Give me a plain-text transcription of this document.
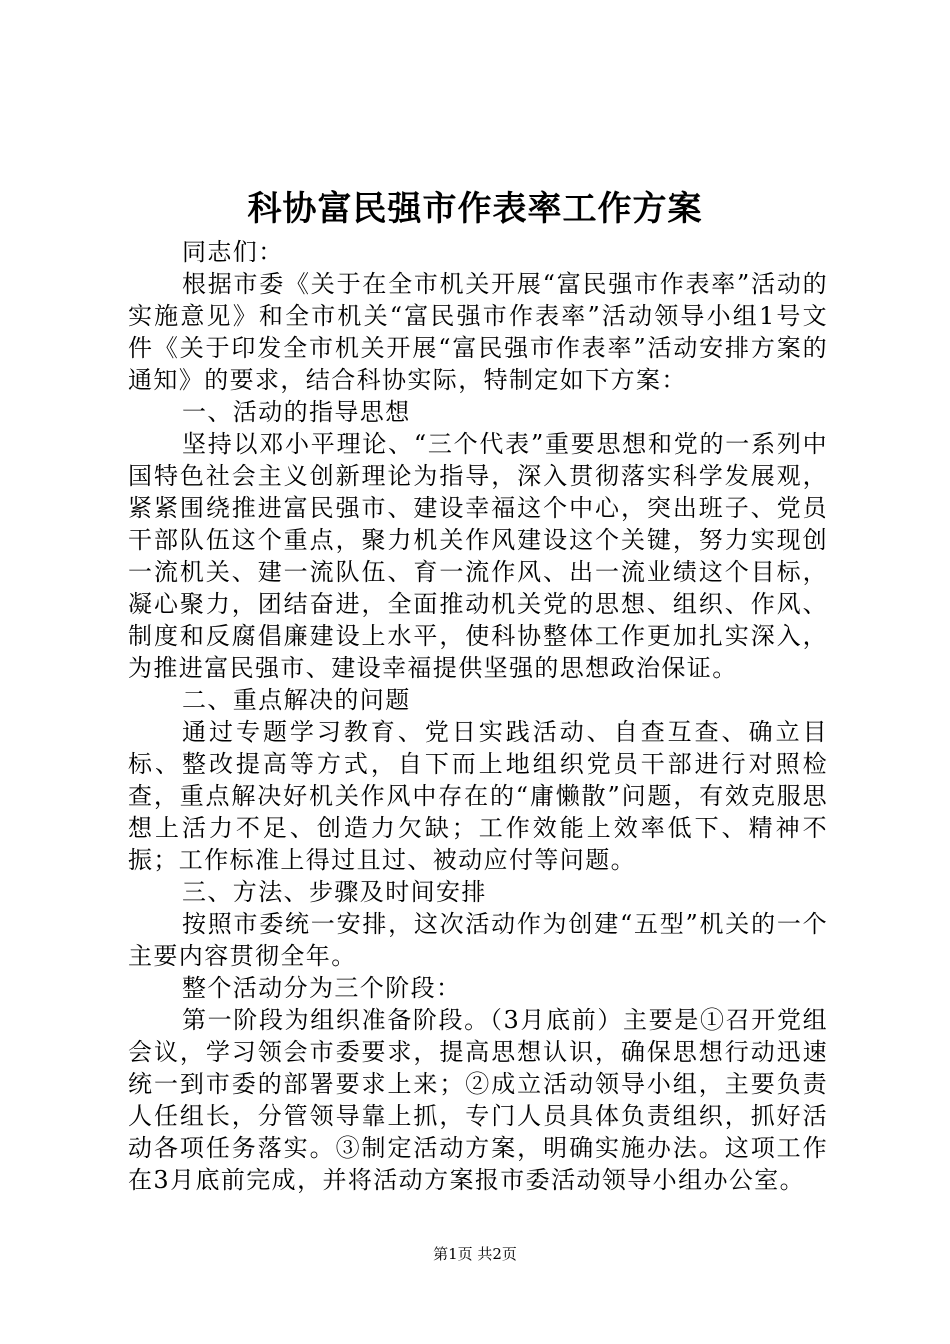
科协富民强市作表率工作方案

同志们：

根据市委《关于在全市机关开展“富民强市作表率”活动的实施意见》和全市机关“富民强市作表率”活动领导小组1号文件《关于印发全市机关开展“富民强市作表率”活动安排方案的通知》的要求，结合科协实际，特制定如下方案：

一、活动的指导思想

坚持以邓小平理论、“三个代表”重要思想和党的一系列中国特色社会主义创新理论为指导，深入贯彻落实科学发展观，紧紧围绕推进富民强市、建设幸福这个中心，突出班子、党员干部队伍这个重点，聚力机关作风建设这个关键，努力实现创一流机关、建一流队伍、育一流作风、出一流业绩这个目标，凝心聚力，团结奋进，全面推动机关党的思想、组织、作风、制度和反腐倡廉建设上水平，使科协整体工作更加扎实深入，为推进富民强市、建设幸福提供坚强的思想政治保证。

二、重点解决的问题

通过专题学习教育、党日实践活动、自查互查、确立目标、整改提高等方式，自下而上地组织党员干部进行对照检查，重点解决好机关作风中存在的“庸懒散”问题，有效克服思想上活力不足、创造力欠缺；工作效能上效率低下、精神不振；工作标准上得过且过、被动应付等问题。

三、方法、步骤及时间安排

按照市委统一安排，这次活动作为创建“五型”机关的一个主要内容贯彻全年。

整个活动分为三个阶段：

第一阶段为组织准备阶段。（3月底前）主要是①召开党组会议，学习领会市委要求，提高思想认识，确保思想行动迅速统一到市委的部署要求上来；②成立活动领导小组，主要负责人任组长，分管领导靠上抓，专门人员具体负责组织，抓好活动各项任务落实。③制定活动方案，明确实施办法。这项工作在3月底前完成，并将活动方案报市委活动领导小组办公室。

第1页 共2页
